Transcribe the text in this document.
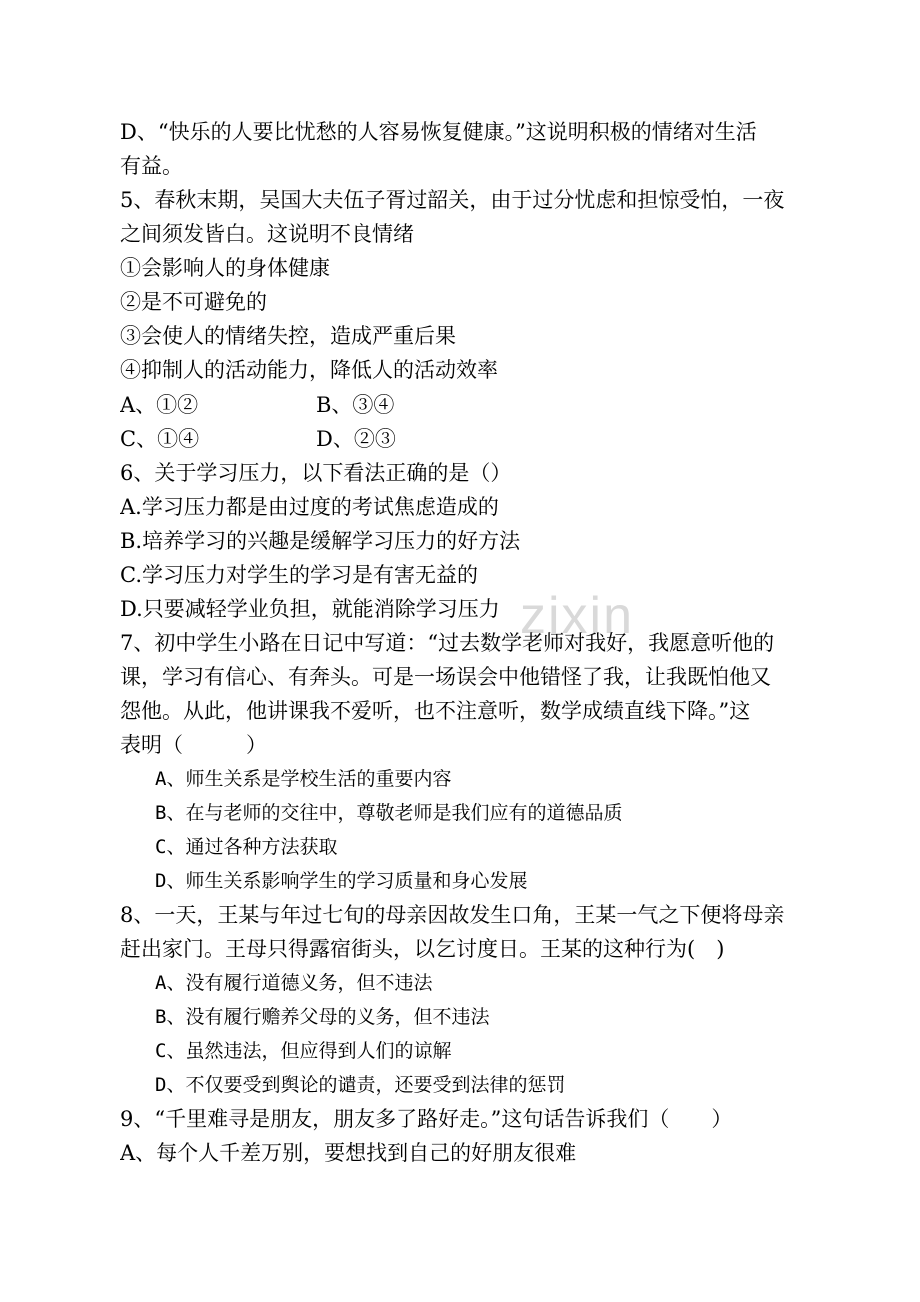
zixin
D、“快乐的人要比忧愁的人容易恢复健康。”这说明积极的情绪对生活
有益。
5、春秋末期，吴国大夫伍子胥过韶关，由于过分忧虑和担惊受怕，一夜
之间须发皆白。这说明不良情绪
①会影响人的身体健康
②是不可避免的
③会使人的情绪失控，造成严重后果
④抑制人的活动能力，降低人的活动效率
A、①②	B、③④
C、①④	D、②③
6、关于学习压力，以下看法正确的是（）
A.学习压力都是由过度的考试焦虑造成的
B.培养学习的兴趣是缓解学习压力的好方法
C.学习压力对学生的学习是有害无益的
D.只要减轻学业负担，就能消除学习压力
7、初中学生小路在日记中写道：“过去数学老师对我好，我愿意听他的
课，学习有信心、有奔头。可是一场误会中他错怪了我，让我既怕他又
怨他。从此，他讲课我不爱听，也不注意听，数学成绩直线下降。”这
表明（　　　）
A、师生关系是学校生活的重要内容
B、在与老师的交往中，尊敬老师是我们应有的道德品质
C、通过各种方法获取
D、师生关系影响学生的学习质量和身心发展
8、一天，王某与年过七旬的母亲因故发生口角，王某一气之下便将母亲
赶出家门。王母只得露宿街头，以乞讨度日。王某的这种行为(　)
A、没有履行道德义务，但不违法
B、没有履行赡养父母的义务，但不违法
C、虽然违法，但应得到人们的谅解
D、不仅要受到舆论的谴责，还要受到法律的惩罚
9、“千里难寻是朋友，朋友多了路好走。”这句话告诉我们（　　）
A、每个人千差万别，要想找到自己的好朋友很难
